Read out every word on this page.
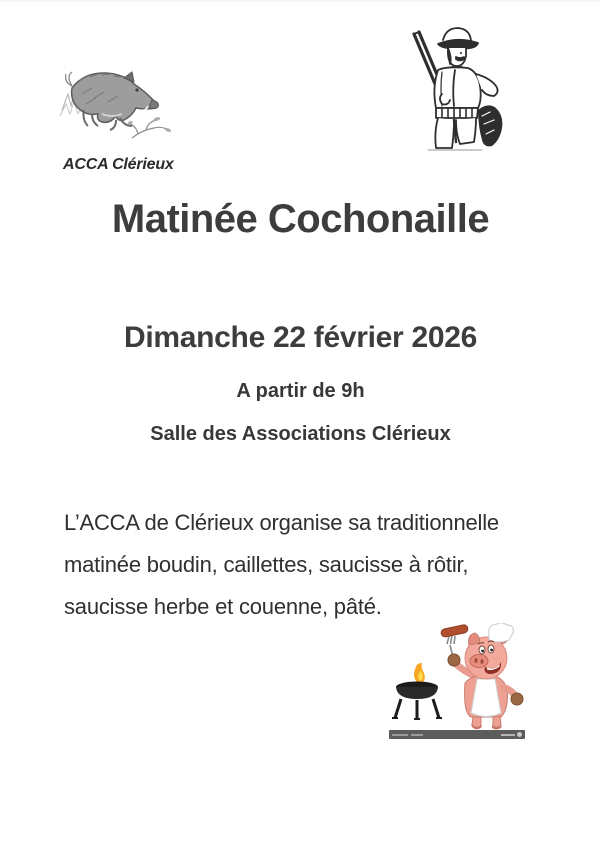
ACCA Clérieux
Matinée Cochonaille
Dimanche 22 février 2026
A partir de 9h
Salle des Associations Clérieux
L’ACCA de Clérieux organise sa traditionnelle
matinée boudin, caillettes, saucisse à rôtir,
saucisse herbe et couenne, pâté.
